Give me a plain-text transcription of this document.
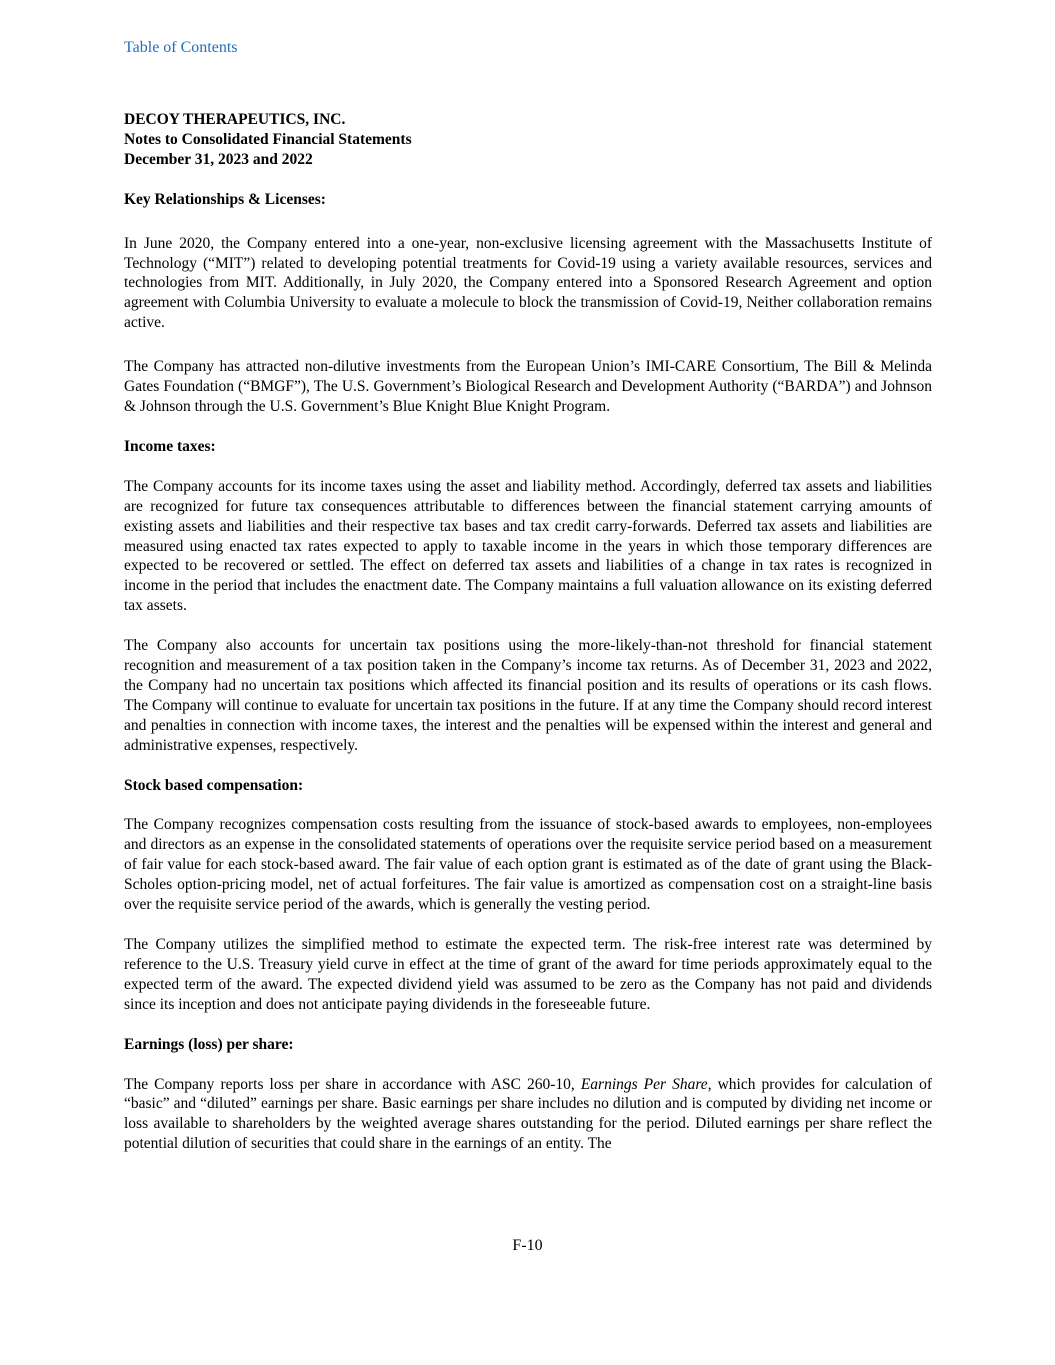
Table of Contents

DECOY THERAPEUTICS, INC.

Notes to Consolidated Financial Statements

December 31, 2023 and 2022

Key Relationships & Licenses:

In June 2020, the Company entered into a one-year, non-exclusive licensing agreement with the Massachusetts Institute of Technology (“MIT”) related to developing potential treatments for Covid-19 using a variety available resources, services and technologies from MIT. Additionally, in July 2020, the Company entered into a Sponsored Research Agreement and option agreement with Columbia University to evaluate a molecule to block the transmission of Covid-19, Neither collaboration remains active.

The Company has attracted non-dilutive investments from the European Union’s IMI-CARE Consortium, The Bill & Melinda Gates Foundation (“BMGF”), The U.S. Government’s Biological Research and Development Authority (“BARDA”) and Johnson & Johnson through the U.S. Government’s Blue Knight Blue Knight Program.

Income taxes:

The Company accounts for its income taxes using the asset and liability method. Accordingly, deferred tax assets and liabilities are recognized for future tax consequences attributable to differences between the financial statement carrying amounts of existing assets and liabilities and their respective tax bases and tax credit carry-forwards. Deferred tax assets and liabilities are measured using enacted tax rates expected to apply to taxable income in the years in which those temporary differences are expected to be recovered or settled. The effect on deferred tax assets and liabilities of a change in tax rates is recognized in income in the period that includes the enactment date. The Company maintains a full valuation allowance on its existing deferred tax assets.

The Company also accounts for uncertain tax positions using the more-likely-than-not threshold for financial statement recognition and measurement of a tax position taken in the Company’s income tax returns. As of December 31, 2023 and 2022, the Company had no uncertain tax positions which affected its financial position and its results of operations or its cash flows. The Company will continue to evaluate for uncertain tax positions in the future. If at any time the Company should record interest and penalties in connection with income taxes, the interest and the penalties will be expensed within the interest and general and administrative expenses, respectively.

Stock based compensation:

The Company recognizes compensation costs resulting from the issuance of stock-based awards to employees, non-employees and directors as an expense in the consolidated statements of operations over the requisite service period based on a measurement of fair value for each stock-based award. The fair value of each option grant is estimated as of the date of grant using the Black-Scholes option-pricing model, net of actual forfeitures. The fair value is amortized as compensation cost on a straight-line basis over the requisite service period of the awards, which is generally the vesting period.

The Company utilizes the simplified method to estimate the expected term. The risk-free interest rate was determined by reference to the U.S. Treasury yield curve in effect at the time of grant of the award for time periods approximately equal to the expected term of the award. The expected dividend yield was assumed to be zero as the Company has not paid and dividends since its inception and does not anticipate paying dividends in the foreseeable future.

Earnings (loss) per share:

The Company reports loss per share in accordance with ASC 260-10, Earnings Per Share, which provides for calculation of “basic” and “diluted” earnings per share. Basic earnings per share includes no dilution and is computed by dividing net income or loss available to shareholders by the weighted average shares outstanding for the period. Diluted earnings per share reflect the potential dilution of securities that could share in the earnings of an entity. The

F-10
